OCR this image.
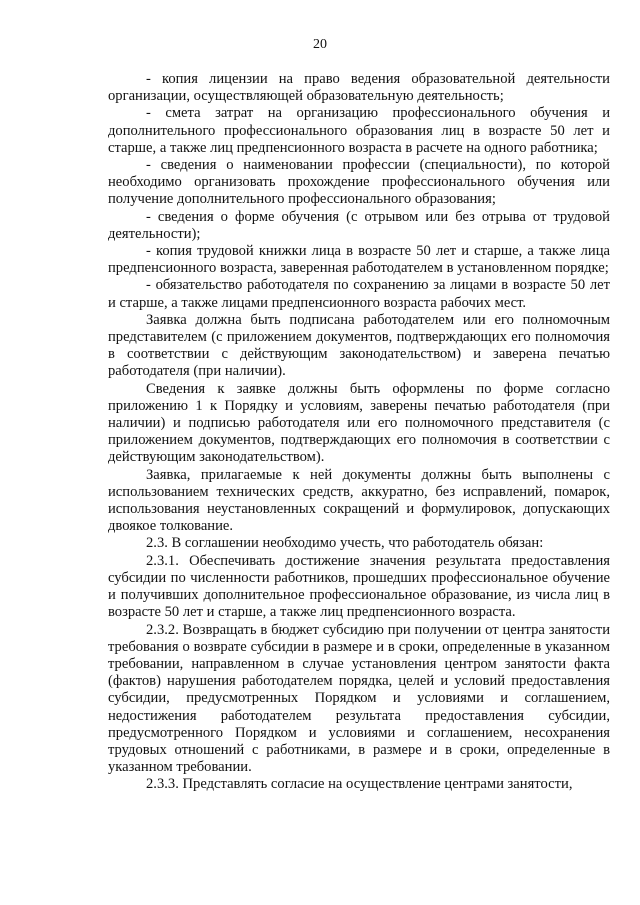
20

- копия лицензии на право ведения образовательной деятельности организации, осуществляющей образовательную деятельность;

- смета затрат на организацию профессионального обучения и дополнительного профессионального образования лиц в возрасте 50 лет и старше, а также лиц предпенсионного возраста в расчете на одного работника;

- сведения о наименовании профессии (специальности), по которой необходимо организовать прохождение профессионального обучения или получение дополнительного профессионального образования;

- сведения о форме обучения (с отрывом или без отрыва от трудовой деятельности);

- копия трудовой книжки лица в возрасте 50 лет и старше, а также лица предпенсионного возраста, заверенная работодателем в установленном порядке;

- обязательство работодателя по сохранению за лицами в возрасте 50 лет и старше, а также лицами предпенсионного возраста рабочих мест.

Заявка должна быть подписана работодателем или его полномочным представителем (с приложением документов, подтверждающих его полномочия в соответствии с действующим законодательством) и заверена печатью работодателя (при наличии).

Сведения к заявке должны быть оформлены по форме согласно приложению 1 к Порядку и условиям, заверены печатью работодателя (при наличии) и подписью работодателя или его полномочного представителя (с приложением документов, подтверждающих его полномочия в соответствии с действующим законодательством).

Заявка, прилагаемые к ней документы должны быть выполнены с использованием технических средств, аккуратно, без исправлений, помарок, использования неустановленных сокращений и формулировок, допускающих двоякое толкование.

2.3. В соглашении необходимо учесть, что работодатель обязан:

2.3.1. Обеспечивать достижение значения результата предоставления субсидии по численности работников, прошедших профессиональное обучение и получивших дополнительное профессиональное образование, из числа лиц в возрасте 50 лет и старше, а также лиц предпенсионного возраста.

2.3.2. Возвращать в бюджет субсидию при получении от центра занятости требования о возврате субсидии в размере и в сроки, определенные в указанном требовании, направленном в случае установления центром занятости факта (фактов) нарушения работодателем порядка, целей и условий предоставления субсидии, предусмотренных Порядком и условиями и соглашением, недостижения работодателем результата предоставления субсидии, предусмотренного Порядком и условиями и соглашением, несохранения трудовых отношений с работниками, в размере и в сроки, определенные в указанном требовании.

2.3.3. Представлять согласие на осуществление центрами занятости,
